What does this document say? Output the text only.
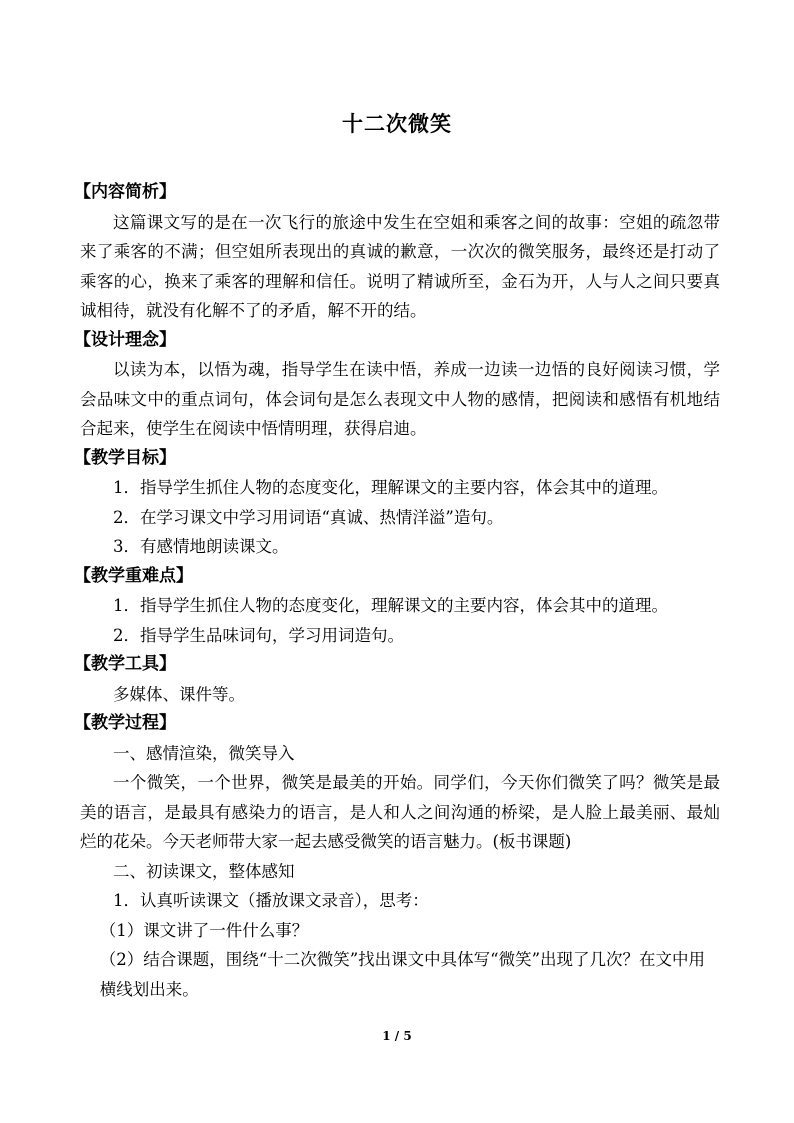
十二次微笑
【内容简析】
这篇课文写的是在一次飞行的旅途中发生在空姐和乘客之间的故事：空姐的疏忽带来了乘客的不满；但空姐所表现出的真诚的歉意，一次次的微笑服务，最终还是打动了乘客的心，换来了乘客的理解和信任。说明了精诚所至，金石为开，人与人之间只要真诚相待，就没有化解不了的矛盾，解不开的结。
【设计理念】
以读为本，以悟为魂，指导学生在读中悟，养成一边读一边悟的良好阅读习惯，学会品味文中的重点词句，体会词句是怎么表现文中人物的感情，把阅读和感悟有机地结合起来，使学生在阅读中悟情明理，获得启迪。
【教学目标】
1．指导学生抓住人物的态度变化，理解课文的主要内容，体会其中的道理。
2．在学习课文中学习用词语“真诚、热情洋溢”造句。
3．有感情地朗读课文。
【教学重难点】
1．指导学生抓住人物的态度变化，理解课文的主要内容，体会其中的道理。
2．指导学生品味词句，学习用词造句。
【教学工具】
多媒体、课件等。
【教学过程】
一、感情渲染，微笑导入
一个微笑，一个世界，微笑是最美的开始。同学们，今天你们微笑了吗？微笑是最美的语言，是最具有感染力的语言，是人和人之间沟通的桥梁，是人脸上最美丽、最灿烂的花朵。今天老师带大家一起去感受微笑的语言魅力。(板书课题)
二、初读课文，整体感知
1．认真听读课文（播放课文录音），思考：
（1）课文讲了一件什么事？
（2）结合课题，围绕“十二次微笑”找出课文中具体写“微笑”出现了几次？在文中用横线划出来。
1 / 5
